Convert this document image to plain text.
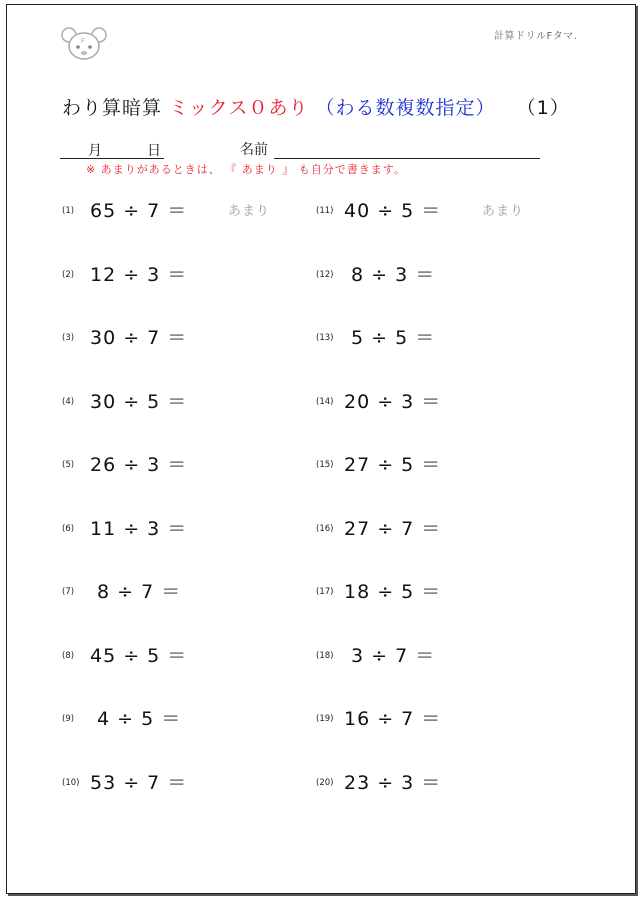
F	計算ドリルFタマ.
わり算暗算 ミックス０あり （わる数複数指定） （1）
月	日	名前
※ あまりがあるときは、 『 あまり 』 も自分で書きます。
(1) 65 ÷ 7 ＝	あまり
(2) 12 ÷ 3 ＝
(3) 30 ÷ 7 ＝
(4) 30 ÷ 5 ＝
(5) 26 ÷ 3 ＝
(6) 11 ÷ 3 ＝
(7) 8 ÷ 7 ＝
(8) 45 ÷ 5 ＝
(9) 4 ÷ 5 ＝
(10) 53 ÷ 7 ＝
(11) 40 ÷ 5 ＝	あまり
(12) 8 ÷ 3 ＝
(13) 5 ÷ 5 ＝
(14) 20 ÷ 3 ＝
(15) 27 ÷ 5 ＝
(16) 27 ÷ 7 ＝
(17) 18 ÷ 5 ＝
(18) 3 ÷ 7 ＝
(19) 16 ÷ 7 ＝
(20) 23 ÷ 3 ＝
